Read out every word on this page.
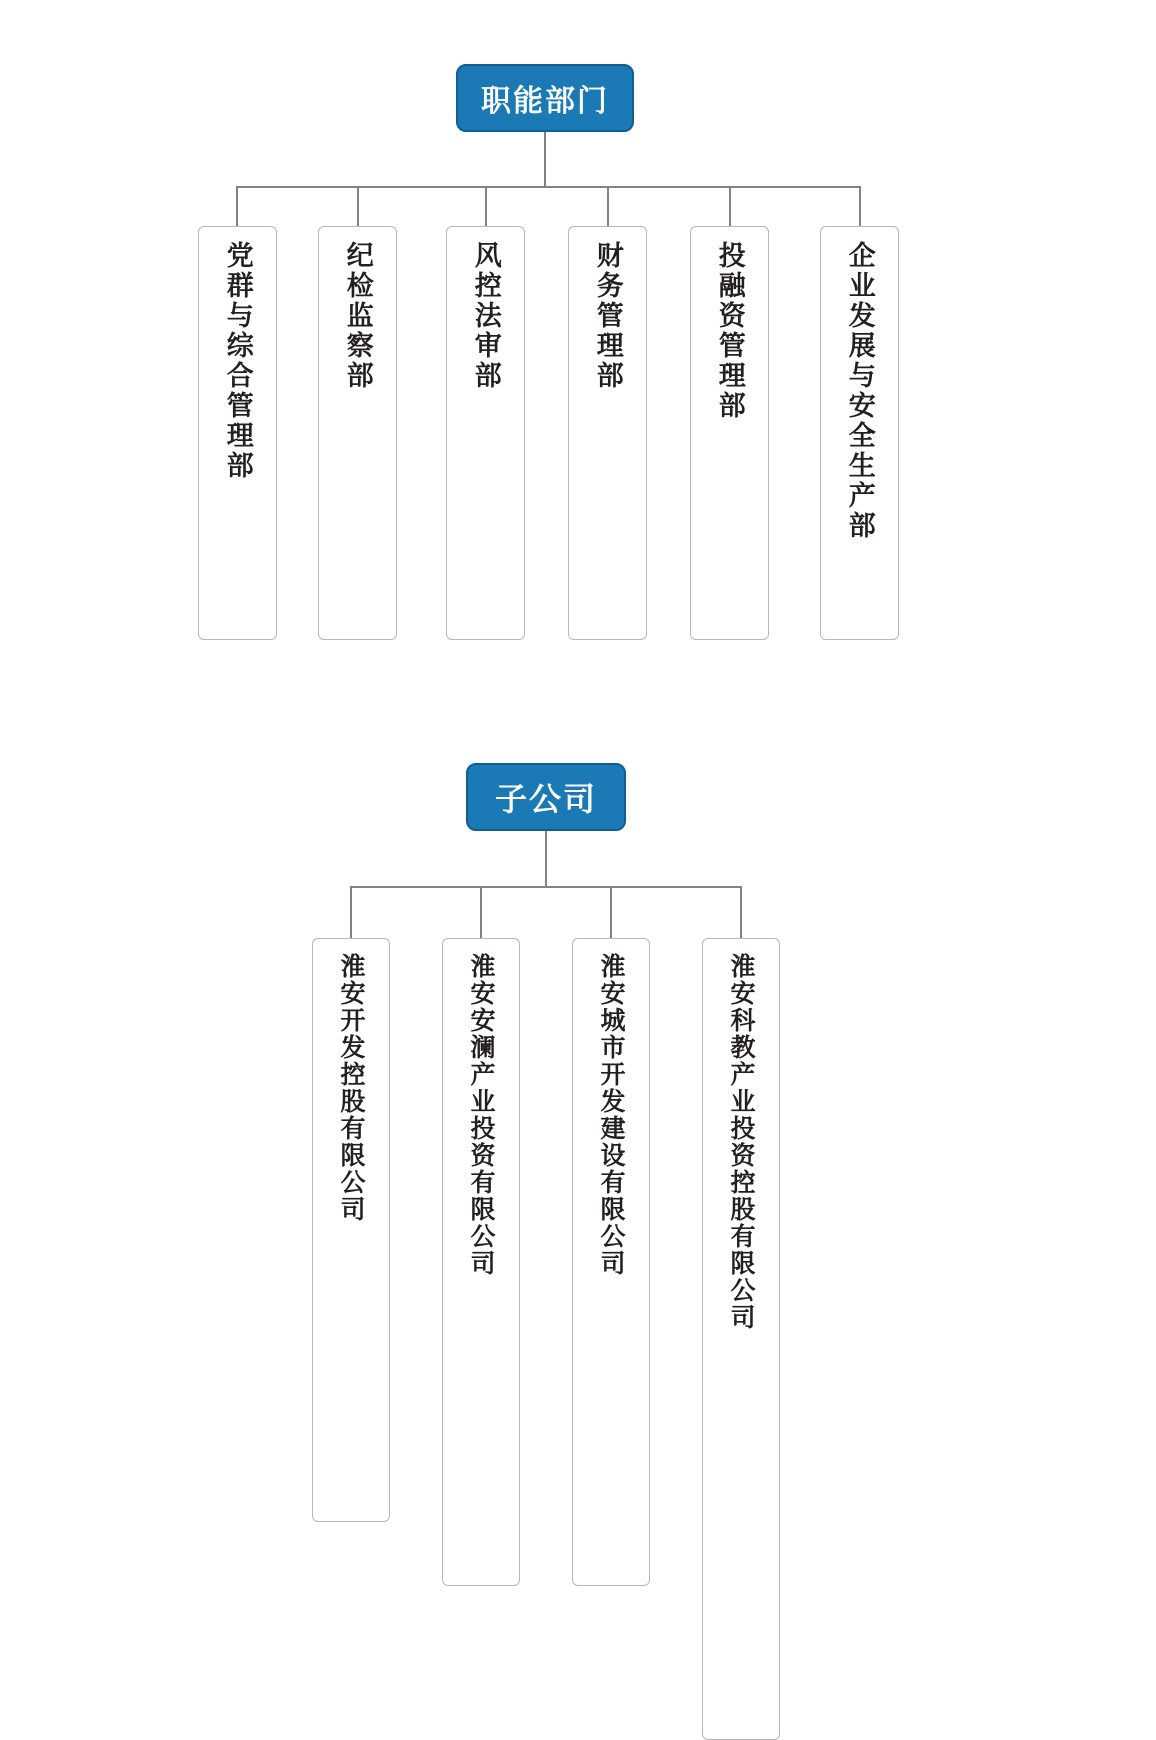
职能部门
党群与综合管理部	纪检监察部	风控法审部	财务管理部	投融资管理部	企业发展与安全生产部
子公司
淮安开发控股有限公司	淮安安澜产业投资有限公司	淮安城市开发建设有限公司	淮安科教产业投资控股有限公司
